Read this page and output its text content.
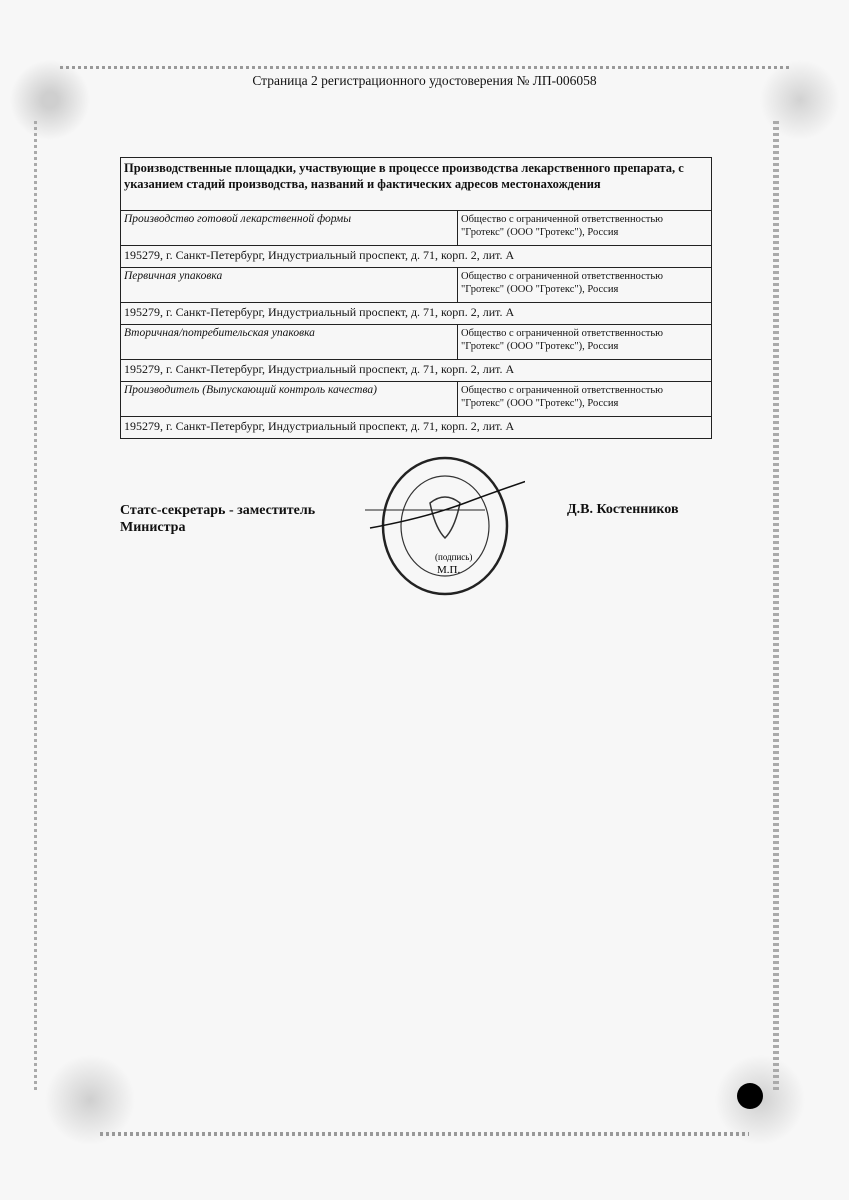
Страница 2 регистрационного удостоверения № ЛП-006058
Производственные площадки, участвующие в процессе производства лекарственного препарата, с указанием стадий производства, названий и фактических адресов местонахождения	
Производство готовой лекарственной формы	Общество с ограниченной ответственностью "Гротекс" (ООО "Гротекс"), Россия
195279, г. Санкт-Петербург, Индустриальный проспект, д. 71, корп. 2, лит. А	
Первичная упаковка	Общество с ограниченной ответственностью "Гротекс" (ООО "Гротекс"), Россия
195279, г. Санкт-Петербург, Индустриальный проспект, д. 71, корп. 2, лит. А	
Вторичная/потребительская упаковка	Общество с ограниченной ответственностью "Гротекс" (ООО "Гротекс"), Россия
195279, г. Санкт-Петербург, Индустриальный проспект, д. 71, корп. 2, лит. А	
Производитель (Выпускающий контроль качества)	Общество с ограниченной ответственностью "Гротекс" (ООО "Гротекс"), Россия
195279, г. Санкт-Петербург, Индустриальный проспект, д. 71, корп. 2, лит. А	
Статс-секретарь - заместитель
Министра
(подпись)
М.П.
Д.В. Костенников
